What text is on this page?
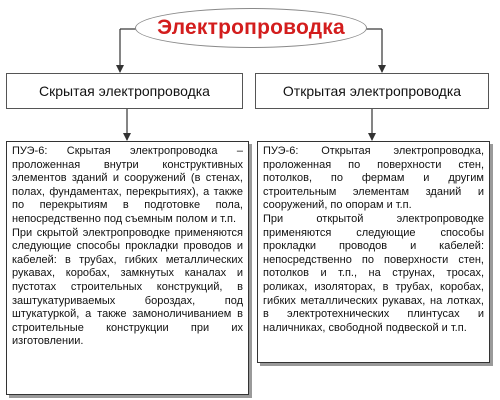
Электропроводка
Скрытая электропроводка	Открытая электропроводка

ПУЭ-6: Скрытая электропроводка – проложенная внутри конструктивных элементов зданий и сооружений (в стенах, полах, фундаментах, перекрытиях), а также по перекрытиям в подготовке пола, непосредственно под съемным полом и т.п.

При скрытой электропроводке применяются следующие способы прокладки проводов и кабелей: в трубах, гибких металлических рукавах, коробах, замкнутых каналах и пустотах строительных конструкций, в заштукатуриваемых бороздах, под штукатуркой, а также замоноличиванием в строительные конструкции при их изготовлении.

ПУЭ-6: Открытая электропроводка, проложенная по поверхности стен, потолков, по фермам и другим строительным элементам зданий и сооружений, по опорам и т.п.

При открытой электропроводке применяются следующие способы прокладки проводов и кабелей: непосредственно по поверхности стен, потолков и т.п., на струнах, тросах, роликах, изоляторах, в трубах, коробах, гибких металлических рукавах, на лотках, в электротехнических плинтусах и наличниках, свободной подвеской и т.п.
